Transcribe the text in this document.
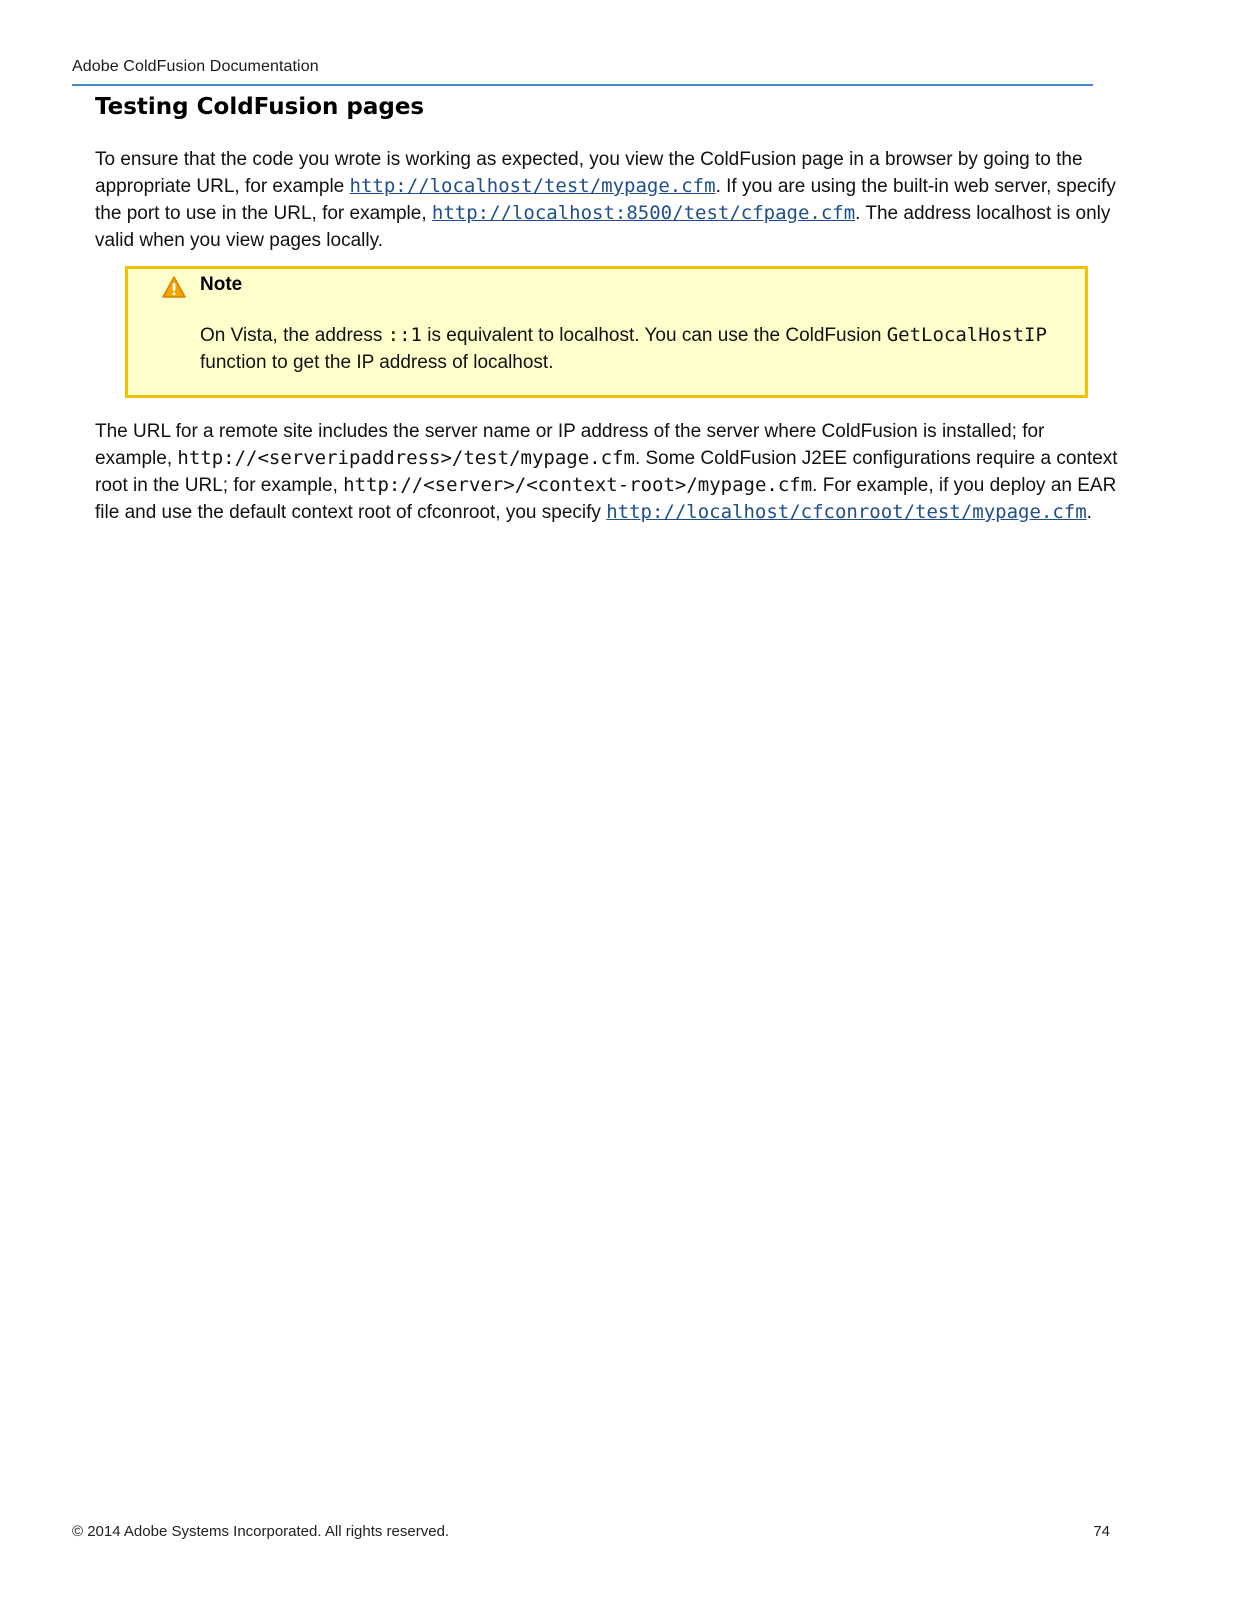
Adobe ColdFusion Documentation
Testing ColdFusion pages

To ensure that the code you wrote is working as expected, you view the ColdFusion page in a browser by going to the appropriate URL, for example http://localhost/test/mypage.cfm. If you are using the built-in web server, specify the port to use in the URL, for example, http://localhost:8500/test/cfpage.cfm. The address localhost is only valid when you view pages locally.

Note

On Vista, the address ::1 is equivalent to localhost. You can use the ColdFusion GetLocalHostIP function to get the IP address of localhost.

The URL for a remote site includes the server name or IP address of the server where ColdFusion is installed; for example, http://<serveripaddress>/test/mypage.cfm. Some ColdFusion J2EE configurations require a context root in the URL; for example, http://<server>/<context-root>/mypage.cfm. For example, if you deploy an EAR file and use the default context root of cfconroot, you specify http://localhost/cfconroot/test/mypage.cfm.

© 2014 Adobe Systems Incorporated. All rights reserved.	74
